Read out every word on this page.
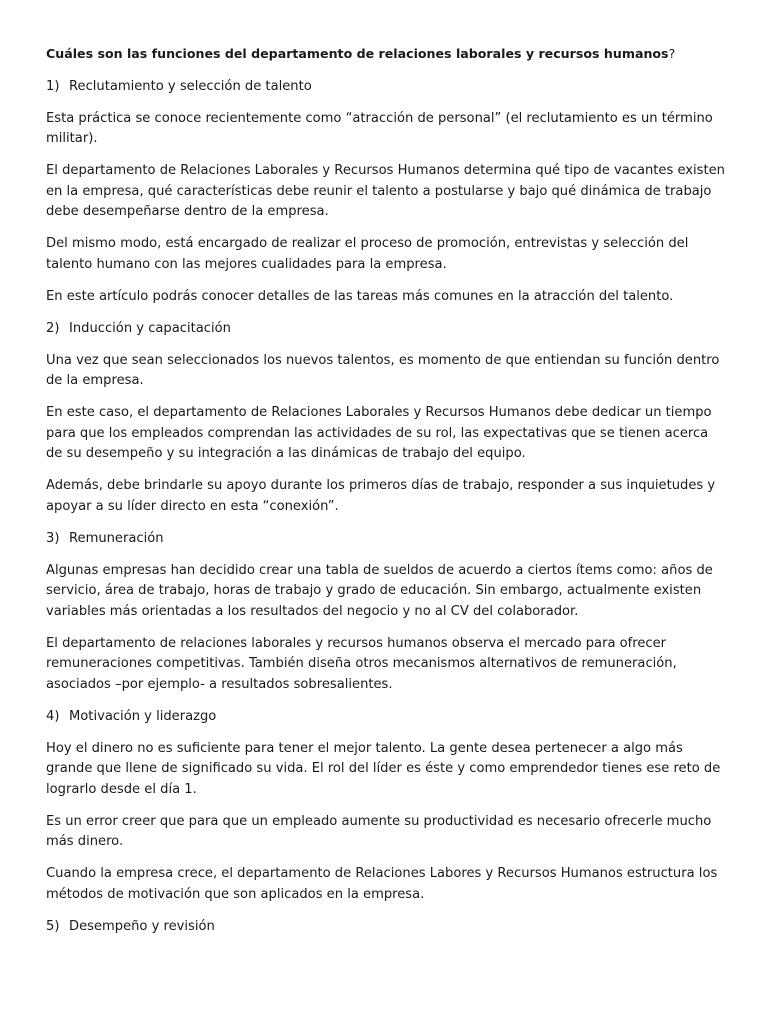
Cuáles son las funciones del departamento de relaciones laborales y recursos humanos?

1) Reclutamiento y selección de talento

Esta práctica se conoce recientemente como “atracción de personal” (el reclutamiento es un término militar).

El departamento de Relaciones Laborales y Recursos Humanos determina qué tipo de vacantes existen en la empresa, qué características debe reunir el talento a postularse y bajo qué dinámica de trabajo debe desempeñarse dentro de la empresa.

Del mismo modo, está encargado de realizar el proceso de promoción, entrevistas y selección del talento humano con las mejores cualidades para la empresa.

En este artículo podrás conocer detalles de las tareas más comunes en la atracción del talento.

2) Inducción y capacitación

Una vez que sean seleccionados los nuevos talentos, es momento de que entiendan su función dentro de la empresa.

En este caso, el departamento de Relaciones Laborales y Recursos Humanos debe dedicar un tiempo para que los empleados comprendan las actividades de su rol, las expectativas que se tienen acerca de su desempeño y su integración a las dinámicas de trabajo del equipo.

Además, debe brindarle su apoyo durante los primeros días de trabajo, responder a sus inquietudes y apoyar a su líder directo en esta “conexión”.

3) Remuneración

Algunas empresas han decidido crear una tabla de sueldos de acuerdo a ciertos ítems como: años de servicio, área de trabajo, horas de trabajo y grado de educación. Sin embargo, actualmente existen variables más orientadas a los resultados del negocio y no al CV del colaborador.

El departamento de relaciones laborales y recursos humanos observa el mercado para ofrecer remuneraciones competitivas. También diseña otros mecanismos alternativos de remuneración, asociados –por ejemplo- a resultados sobresalientes.

4) Motivación y liderazgo

Hoy el dinero no es suficiente para tener el mejor talento. La gente desea pertenecer a algo más grande que llene de significado su vida. El rol del líder es éste y como emprendedor tienes ese reto de lograrlo desde el día 1.

Es un error creer que para que un empleado aumente su productividad es necesario ofrecerle mucho más dinero.

Cuando la empresa crece, el departamento de Relaciones Labores y Recursos Humanos estructura los métodos de motivación que son aplicados en la empresa.

5) Desempeño y revisión
